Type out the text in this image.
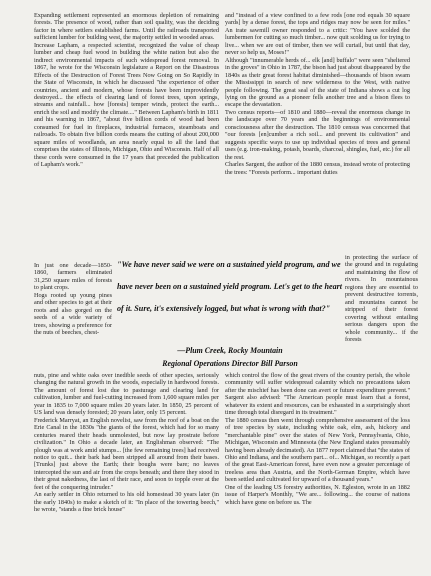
Expanding settlement represented an enormous depletion of remaining forests. The presence of wood, rather than soil quality, was the deciding factor in where settlers established farms. Until the railroads transported sufficient lumber for building west, the majority settled in wooded areas.
Increase Lapham, a respected scientist, recognized the value of cheap lumber and cheap fuel wood in building the white nation but also the indirect environmental impacts of such widespread forest removal. In 1867, he wrote for the Wisconsin legislature a Report on the Disastrous Effects of the Destruction of Forest Trees Now Going on So Rapidly in the State of Wisconsin, in which he discussed "the experience of other countries, ancient and modern, whose forests have been improvidently destroyed... the effects of clearing land of forest trees, upon springs, streams and rainfall... how [forests] temper winds, protect the earth... enrich the soil and modify the climate...." Between Lapham's birth in 1811 and his warning in 1867, "about five billion cords of wood had been consumed for fuel in fireplaces, industrial furnaces, steamboats and railroads. To obtain five billion cords means the cutting of about 200,000 square miles of woodlands, an area nearly equal to all the land that comprises the states of Illinois, Michigan, Ohio and Wisconsin. Half of all these cords were consumed in the 17 years that preceded the publication of Lapham's work."
and "instead of a view confined to a few rods [one rod equals 30 square yards] by a dense forest, the tops and ridges may now be seen for miles." An irate sawmill owner responded to a critic: "You have scolded the lumbermen for cutting so much timber... now quit scolding us for trying to live... when we are out of timber, then we will curtail, but until that day, never so help us, Moses!"
Although "innumerable herds of... elk [and] buffalo" were seen "sheltered in the groves" in Ohio in 1787, the bison had just about disappeared by the 1840s as their great forest habitat diminished—thousands of bison swam the Mississippi in search of new wilderness to the West, with native people following. The great seal of the state of Indiana shows a cut log lying on the ground as a pioneer fells another tree and a bison flees to escape the devastation.
Two census reports—of 1810 and 1880—reveal the enormous change in the landscape over 70 years and the beginnings of environmental consciousness after the destruction. The 1810 census was concerned that "our forests [en]cumber a rich soil... and prevent its cultivation" and suggests specific ways to use up individual species of trees and general uses (e.g. iron-making, potash, boards, charcoal, shingles, fuel, etc.) for all the rest.
Charles Sargent, the author of the 1880 census, instead wrote of protecting the trees: "Forests perform... important duties
In just one decade—1850-1860, farmers eliminated 31,250 square miles of forests to plant crops.
Hogs rooted up young pines and other species to get at their roots and also gorged on the seeds of a wide variety of trees, showing a preference for the nuts of beeches, chest-
in protecting the surface of the ground and in regulating and maintaining the flow of rivers. In mountainous regions they are essential to prevent destructive torrents, and mountains cannot be stripped of their forest covering without entailing serious dangers upon the whole community... if the forests
"We have never said we were on a sustained yield program, and we have never been on a sustained yield program. Let's get to the heart of it. Sure, it's extensively logged, but what is wrong with that?"
—Plum Creek, Rocky Mountain
Regional Operations Director Bill Parson
nuts, pine and white oaks over inedible seeds of other species, seriously changing the natural growth in the woods, especially in hardwood forests. The amount of forest lost due to pasturage and clearing land for cultivation, lumber and fuel-cutting increased from 1,600 square miles per year in 1835 to 7,000 square miles 20 years later. In 1850, 25 percent of US land was densely forested; 20 years later, only 15 percent.
Frederick Marryat, an English novelist, saw from the roof of a boat on the Erie Canal in the 1830s "the giants of the forest, which had for so many centuries reared their heads unmolested, but now lay prostrate before civilization." In Ohio a decade later, an Englishman observed: "The plough was at work amid stumps... [the few remaining trees] had received notice to quit... their bark had been stripped all around from their bases. [Trunks] just above the Earth; their boughs were bare; no leaves intercepted the sun and air from the crops beneath; and there they stood in their great nakedness, the last of their race, and soon to topple over at the feet of the conquering intruder."
An early settler in Ohio returned to his old homestead 30 years later (in the early 1840s) to make a sketch of it: "In place of the towering beech," he wrote, "stands a fine brick house"
which control the flow of the great rivers of the country perish, the whole community will suffer widespread calamity which no precautions taken after the mischief has been done can avert or future expenditure prevent." Sargent also advised: "The American people must learn that a forest, whatever its extent and resources, can be exhausted in a surprisingly short time through total disregard in its treatment."
The 1880 census then went through comprehensive assessment of the loss of tree species by state, including white oak, elm, ash, hickory and "merchantable pine" over the states of New York, Pennsylvania, Ohio, Michigan, Wisconsin and Minnesota (the New England states presumably having been already decimated). An 1877 report claimed that "the states of Ohio and Indiana, and the southern part... of... Michigan, so recently a part of the great East-American forest, have even now a greater percentage of treeless area than Austria, and the North-German Empire, which have been settled and cultivated for upward of a thousand years."
One of the leading US forestry authorities, N. Egleston, wrote in an 1882 issue of Harper's Monthly, "We are... following... the course of nations which have gone on before us. The
